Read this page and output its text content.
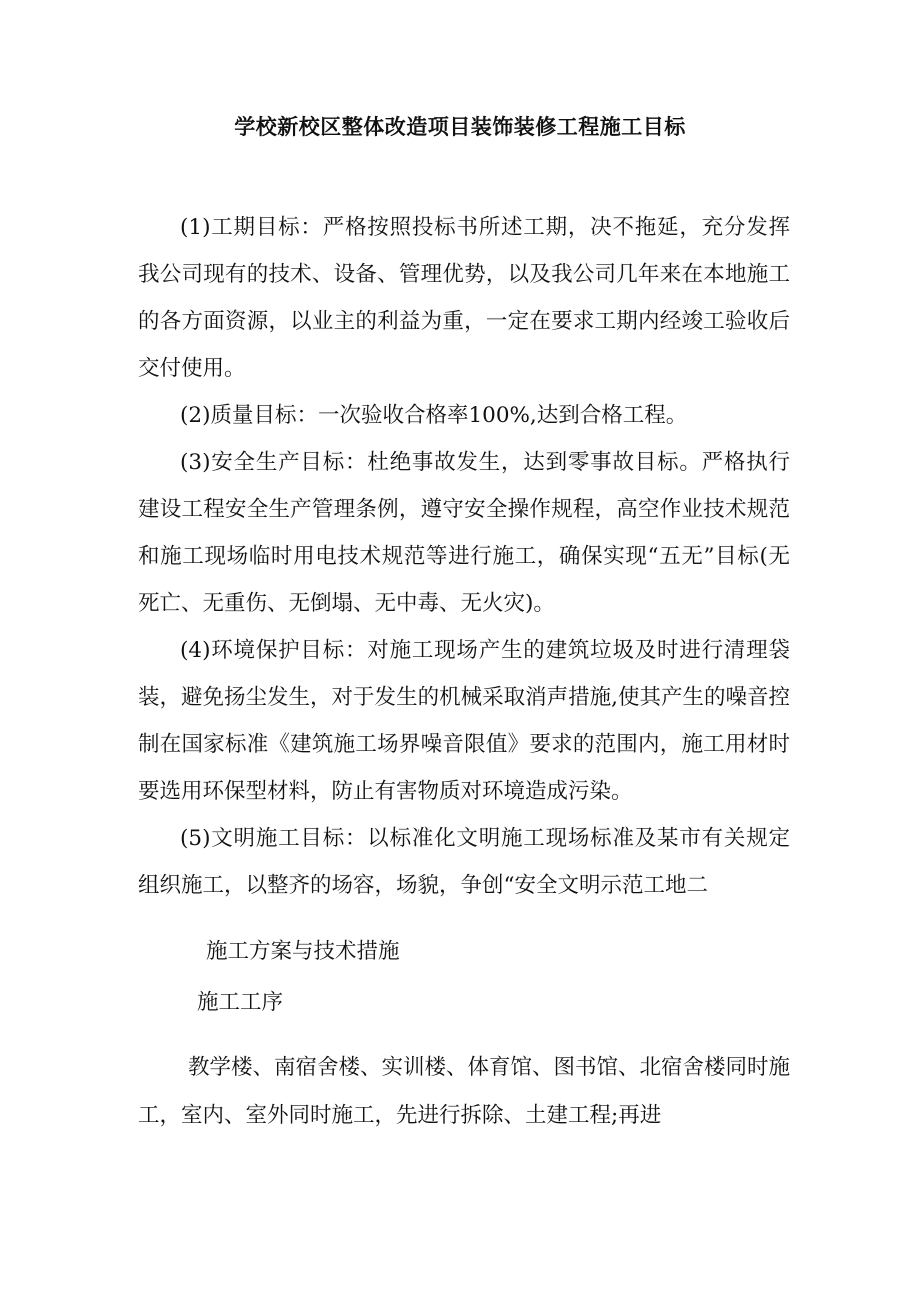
学校新校区整体改造项目装饰装修工程施工目标

(1)工期目标：严格按照投标书所述工期，决不拖延，充分发挥我公司现有的技术、设备、管理优势，以及我公司几年来在本地施工的各方面资源，以业主的利益为重，一定在要求工期内经竣工验收后交付使用。

(2)质量目标：一次验收合格率100%,达到合格工程。

(3)安全生产目标：杜绝事故发生，达到零事故目标。严格执行建设工程安全生产管理条例，遵守安全操作规程，高空作业技术规范和施工现场临时用电技术规范等进行施工，确保实现“五无”目标(无死亡、无重伤、无倒塌、无中毒、无火灾)。

(4)环境保护目标：对施工现场产生的建筑垃圾及时进行清理袋装，避免扬尘发生，对于发生的机械采取消声措施,使其产生的噪音控制在国家标准《建筑施工场界噪音限值》要求的范围内，施工用材时要选用环保型材料，防止有害物质对环境造成污染。

(5)文明施工目标：以标准化文明施工现场标准及某市有关规定组织施工，以整齐的场容，场貌，争创“安全文明示范工地二

施工方案与技术措施

施工工序

教学楼、南宿舍楼、实训楼、体育馆、图书馆、北宿舍楼同时施工，室内、室外同时施工，先进行拆除、土建工程;再进
